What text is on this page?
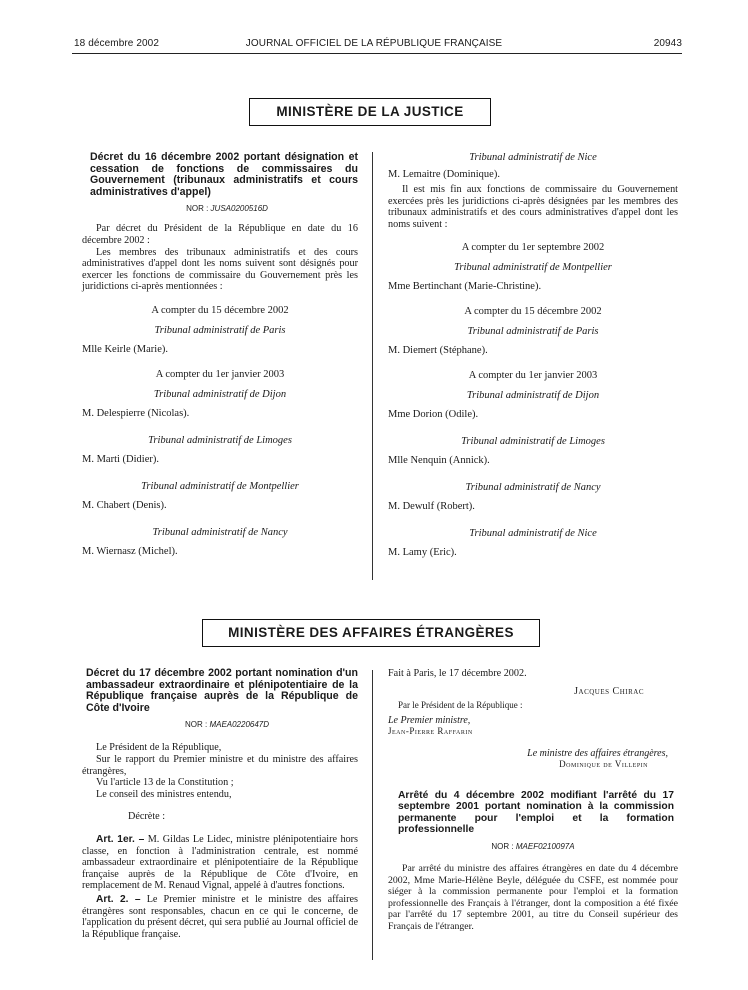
18 décembre 2002	JOURNAL OFFICIEL DE LA RÉPUBLIQUE FRANÇAISE	20943
MINISTÈRE DE LA JUSTICE
Décret du 16 décembre 2002 portant désignation et cessation de fonctions de commissaires du Gouvernement (tribunaux administratifs et cours administratives d'appel)
NOR : JUSA0200516D
Par décret du Président de la République en date du 16 décembre 2002 :
Les membres des tribunaux administratifs et des cours administratives d'appel dont les noms suivent sont désignés pour exercer les fonctions de commissaire du Gouvernement près les juridictions ci-après mentionnées :
A compter du 15 décembre 2002
Tribunal administratif de Paris
Mlle Keirle (Marie).
A compter du 1er janvier 2003
Tribunal administratif de Dijon
M. Delespierre (Nicolas).
Tribunal administratif de Limoges
M. Marti (Didier).
Tribunal administratif de Montpellier
M. Chabert (Denis).
Tribunal administratif de Nancy
M. Wiernasz (Michel).
Tribunal administratif de Nice
M. Lemaitre (Dominique).
Il est mis fin aux fonctions de commissaire du Gouvernement exercées près les juridictions ci-après désignées par les membres des tribunaux administratifs et des cours administratives d'appel dont les noms suivent :
A compter du 1er septembre 2002
Tribunal administratif de Montpellier
Mme Bertinchant (Marie-Christine).
A compter du 15 décembre 2002
Tribunal administratif de Paris
M. Diemert (Stéphane).
A compter du 1er janvier 2003
Tribunal administratif de Dijon
Mme Dorion (Odile).
Tribunal administratif de Limoges
Mlle Nenquin (Annick).
Tribunal administratif de Nancy
M. Dewulf (Robert).
Tribunal administratif de Nice
M. Lamy (Eric).
MINISTÈRE DES AFFAIRES ÉTRANGÈRES
Décret du 17 décembre 2002 portant nomination d'un ambassadeur extraordinaire et plénipotentiaire de la République française auprès de la République de Côte d'Ivoire
NOR : MAEA0220647D
Le Président de la République,
Sur le rapport du Premier ministre et du ministre des affaires étrangères,
Vu l'article 13 de la Constitution ;
Le conseil des ministres entendu,
Décrète :
Art. 1er. – M. Gildas Le Lidec, ministre plénipotentiaire hors classe, en fonction à l'administration centrale, est nommé ambassadeur extraordinaire et plénipotentiaire de la République française auprès de la République de Côte d'Ivoire, en remplacement de M. Renaud Vignal, appelé à d'autres fonctions.
Art. 2. – Le Premier ministre et le ministre des affaires étrangères sont responsables, chacun en ce qui le concerne, de l'application du présent décret, qui sera publié au Journal officiel de la République française.
Fait à Paris, le 17 décembre 2002.
Jacques Chirac
Par le Président de la République :
Le Premier ministre,
Jean-Pierre Raffarin
Le ministre des affaires étrangères,
Dominique de Villepin
Arrêté du 4 décembre 2002 modifiant l'arrêté du 17 septembre 2001 portant nomination à la commission permanente pour l'emploi et la formation professionnelle
NOR : MAEF0210097A
Par arrêté du ministre des affaires étrangères en date du 4 décembre 2002, Mme Marie-Hélène Beyle, déléguée du CSFE, est nommée pour siéger à la commission permanente pour l'emploi et la formation professionnelle des Français à l'étranger, dont la composition a été fixée par l'arrêté du 17 septembre 2001, au titre du Conseil supérieur des Français de l'étranger.
